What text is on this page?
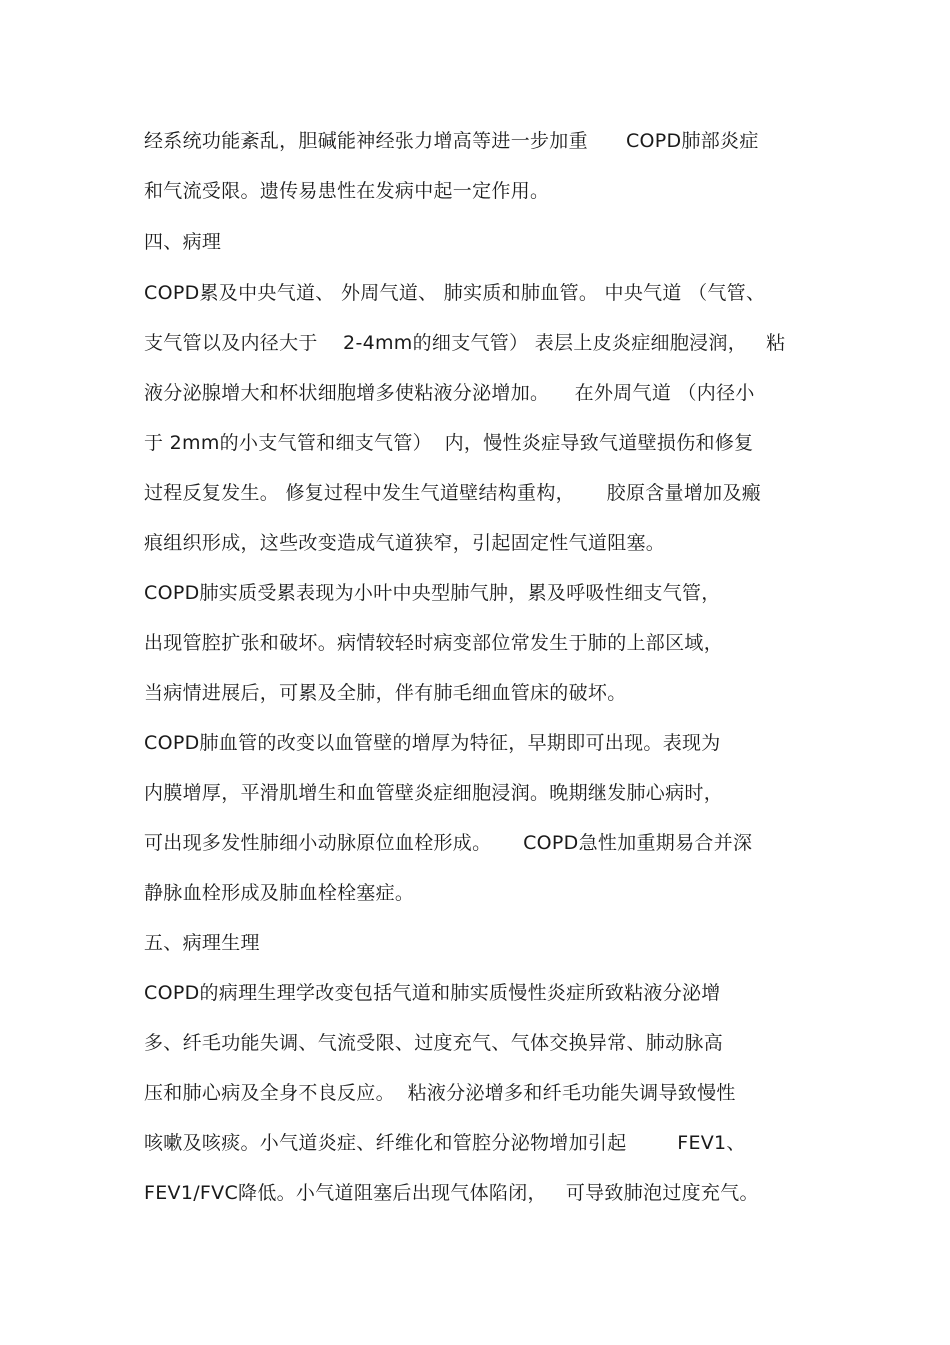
经系统功能紊乱，胆碱能神经张力增高等进一步加重      COPD肺部炎症
和气流受限。遗传易患性在发病中起一定作用。
四、病理
COPD累及中央气道、 外周气道、 肺实质和肺血管。 中央气道 （气管、
支气管以及内径大于    2-4mm的细支气管） 表层上皮炎症细胞浸润，   粘
液分泌腺增大和杯状细胞增多使粘液分泌增加。    在外周气道 （内径小
于 2mm的小支气管和细支气管）  内，慢性炎症导致气道壁损伤和修复
过程反复发生。 修复过程中发生气道壁结构重构，     胶原含量增加及瘢
痕组织形成，这些改变造成气道狭窄，引起固定性气道阻塞。
COPD肺实质受累表现为小叶中央型肺气肿，累及呼吸性细支气管，
出现管腔扩张和破坏。病情较轻时病变部位常发生于肺的上部区域，
当病情进展后，可累及全肺，伴有肺毛细血管床的破坏。
COPD肺血管的改变以血管壁的增厚为特征，早期即可出现。表现为
内膜增厚，平滑肌增生和血管壁炎症细胞浸润。晚期继发肺心病时，
可出现多发性肺细小动脉原位血栓形成。     COPD急性加重期易合并深
静脉血栓形成及肺血栓栓塞症。
五、病理生理
COPD的病理生理学改变包括气道和肺实质慢性炎症所致粘液分泌增
多、纤毛功能失调、气流受限、过度充气、气体交换异常、肺动脉高
压和肺心病及全身不良反应。  粘液分泌增多和纤毛功能失调导致慢性
咳嗽及咳痰。小气道炎症、纤维化和管腔分泌物增加引起        FEV1、
FEV1/FVC降低。小气道阻塞后出现气体陷闭，   可导致肺泡过度充气。
